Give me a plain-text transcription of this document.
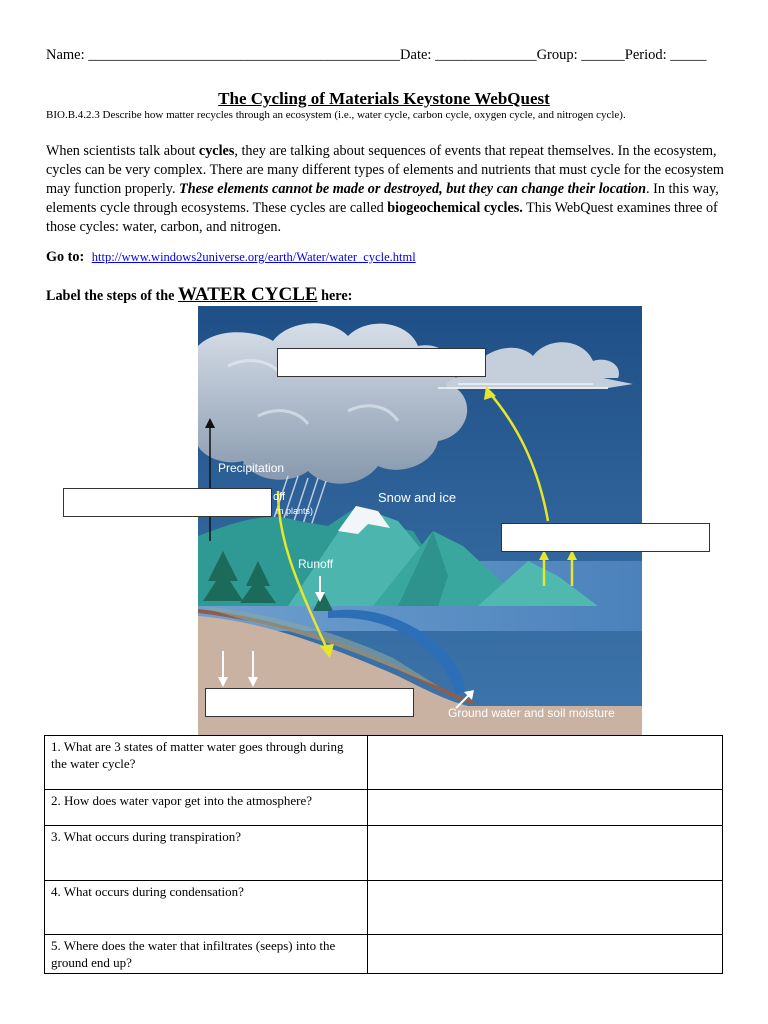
Name: ___________________________________________Date: ______________Group: ______Period: _____
The Cycling of Materials Keystone WebQuest
BIO.B.4.2.3 Describe how matter recycles through an ecosystem (i.e., water cycle, carbon cycle, oxygen cycle, and nitrogen cycle).
When scientists talk about cycles, they are talking about sequences of events that repeat themselves. In the ecosystem, cycles can be very complex. There are many different types of elements and nutrients that must cycle for the ecosystem may function properly. These elements cannot be made or destroyed, but they can change their location. In this way, elements cycle through ecosystems. These cycles are called biogeochemical cycles. This WebQuest examines three of those cycles: water, carbon, and nitrogen.
Go to: http://www.windows2universe.org/earth/Water/water_cycle.html
Label the steps of the WATER CYCLE here:
Precipitation
off
m plants)
Snow and ice
Runoff
Ground water and soil moisture
1. What are 3 states of matter water goes through during the water cycle?	
2. How does water vapor get into the atmosphere?	
3. What occurs during transpiration?	
4. What occurs during condensation?	
5. Where does the water that infiltrates (seeps) into the ground end up?	
